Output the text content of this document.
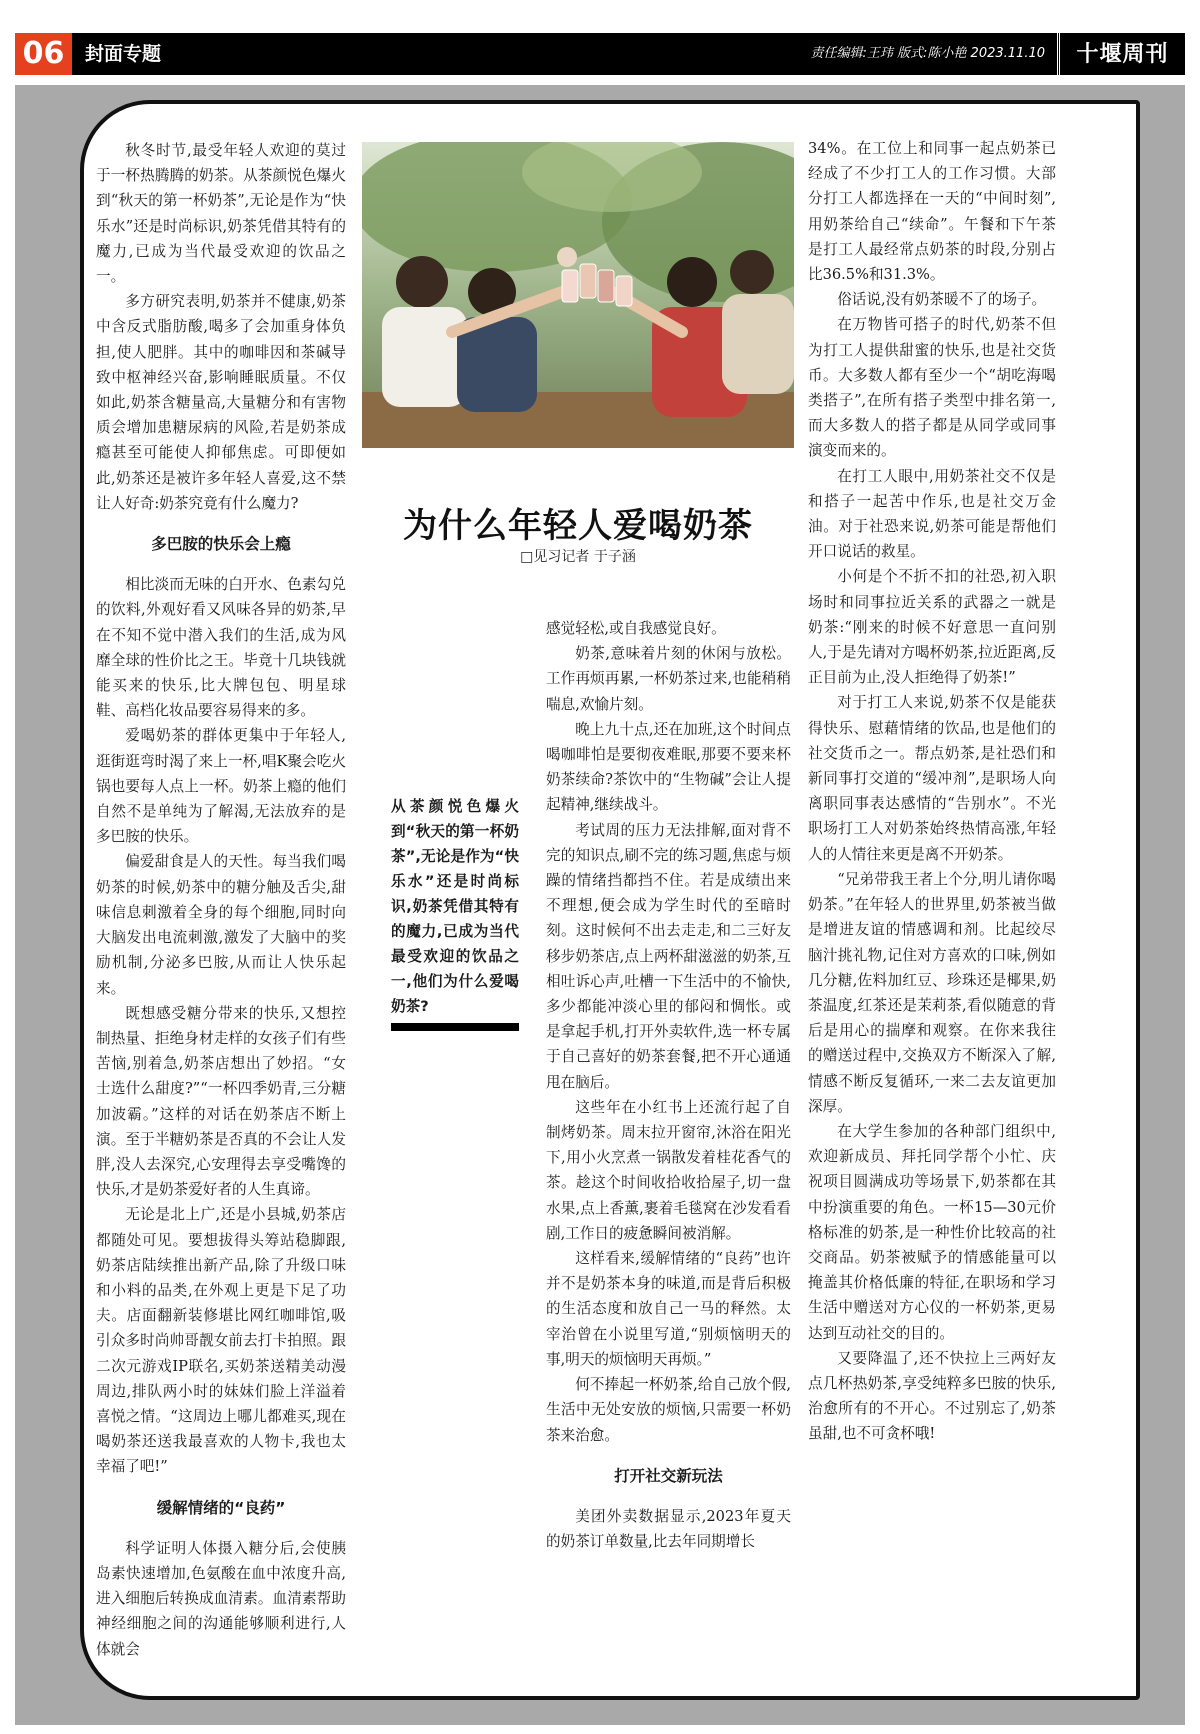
06	封面专题	责任编辑:王玮 版式:陈小艳 2023.11.10	十堰周刊

秋冬时节,最受年轻人欢迎的莫过于一杯热腾腾的奶茶。从茶颜悦色爆火到“秋天的第一杯奶茶”,无论是作为“快乐水”还是时尚标识,奶茶凭借其特有的魔力,已成为当代最受欢迎的饮品之一。

多方研究表明,奶茶并不健康,奶茶中含反式脂肪酸,喝多了会加重身体负担,使人肥胖。其中的咖啡因和茶碱导致中枢神经兴奋,影响睡眠质量。不仅如此,奶茶含糖量高,大量糖分和有害物质会增加患糖尿病的风险,若是奶茶成瘾甚至可能使人抑郁焦虑。可即便如此,奶茶还是被许多年轻人喜爱,这不禁让人好奇:奶茶究竟有什么魔力?

多巴胺的快乐会上瘾

相比淡而无味的白开水、色素勾兑的饮料,外观好看又风味各异的奶茶,早在不知不觉中潜入我们的生活,成为风靡全球的性价比之王。毕竟十几块钱就能买来的快乐,比大牌包包、明星球鞋、高档化妆品要容易得来的多。

爱喝奶茶的群体更集中于年轻人,逛街逛弯时渴了来上一杯,唱K聚会吃火锅也要每人点上一杯。奶茶上瘾的他们自然不是单纯为了解渴,无法放弃的是多巴胺的快乐。

偏爱甜食是人的天性。每当我们喝奶茶的时候,奶茶中的糖分触及舌尖,甜味信息刺激着全身的每个细胞,同时向大脑发出电流刺激,激发了大脑中的奖励机制,分泌多巴胺,从而让人快乐起来。

既想感受糖分带来的快乐,又想控制热量、拒绝身材走样的女孩子们有些苦恼,别着急,奶茶店想出了妙招。“女士选什么甜度?”“一杯四季奶青,三分糖加波霸。”这样的对话在奶茶店不断上演。至于半糖奶茶是否真的不会让人发胖,没人去深究,心安理得去享受嘴馋的快乐,才是奶茶爱好者的人生真谛。

无论是北上广,还是小县城,奶茶店都随处可见。要想拔得头筹站稳脚跟,奶茶店陆续推出新产品,除了升级口味和小料的品类,在外观上更是下足了功夫。店面翻新装修堪比网红咖啡馆,吸引众多时尚帅哥靓女前去打卡拍照。跟二次元游戏IP联名,买奶茶送精美动漫周边,排队两小时的妹妹们脸上洋溢着喜悦之情。“这周边上哪儿都难买,现在喝奶茶还送我最喜欢的人物卡,我也太幸福了吧!”

缓解情绪的“良药”

科学证明人体摄入糖分后,会使胰岛素快速增加,色氨酸在血中浓度升高,进入细胞后转换成血清素。血清素帮助神经细胞之间的沟通能够顺利进行,人体就会

为什么年轻人爱喝奶茶
□见习记者 于子涵
从茶颜悦色爆火到“秋天的第一杯奶茶”,无论是作为“快乐水”还是时尚标识,奶茶凭借其特有的魔力,已成为当代最受欢迎的饮品之一,他们为什么爱喝奶茶?

感觉轻松,或自我感觉良好。

奶茶,意味着片刻的休闲与放松。工作再烦再累,一杯奶茶过来,也能稍稍喘息,欢愉片刻。

晚上九十点,还在加班,这个时间点喝咖啡怕是要彻夜难眠,那要不要来杯奶茶续命?茶饮中的“生物碱”会让人提起精神,继续战斗。

考试周的压力无法排解,面对背不完的知识点,刷不完的练习题,焦虑与烦躁的情绪挡都挡不住。若是成绩出来不理想,便会成为学生时代的至暗时刻。这时候何不出去走走,和二三好友移步奶茶店,点上两杯甜滋滋的奶茶,互相吐诉心声,吐槽一下生活中的不愉快,多少都能冲淡心里的郁闷和惆怅。或是拿起手机,打开外卖软件,选一杯专属于自己喜好的奶茶套餐,把不开心通通甩在脑后。

这些年在小红书上还流行起了自制烤奶茶。周末拉开窗帘,沐浴在阳光下,用小火烹煮一锅散发着桂花香气的茶。趁这个时间收拾收拾屋子,切一盘水果,点上香薰,裹着毛毯窝在沙发看看剧,工作日的疲惫瞬间被消解。

这样看来,缓解情绪的“良药”也许并不是奶茶本身的味道,而是背后积极的生活态度和放自己一马的释然。太宰治曾在小说里写道,“别烦恼明天的事,明天的烦恼明天再烦。”

何不捧起一杯奶茶,给自己放个假,生活中无处安放的烦恼,只需要一杯奶茶来治愈。

打开社交新玩法

美团外卖数据显示,2023年夏天的奶茶订单数量,比去年同期增长

34%。在工位上和同事一起点奶茶已经成了不少打工人的工作习惯。大部分打工人都选择在一天的“中间时刻”,用奶茶给自己“续命”。午餐和下午茶是打工人最经常点奶茶的时段,分别占比36.5%和31.3%。

俗话说,没有奶茶暖不了的场子。

在万物皆可搭子的时代,奶茶不但为打工人提供甜蜜的快乐,也是社交货币。大多数人都有至少一个“胡吃海喝类搭子”,在所有搭子类型中排名第一,而大多数人的搭子都是从同学或同事演变而来的。

在打工人眼中,用奶茶社交不仅是和搭子一起苦中作乐,也是社交万金油。对于社恐来说,奶茶可能是帮他们开口说话的救星。

小何是个不折不扣的社恐,初入职场时和同事拉近关系的武器之一就是奶茶:“刚来的时候不好意思一直问别人,于是先请对方喝杯奶茶,拉近距离,反正目前为止,没人拒绝得了奶茶!”

对于打工人来说,奶茶不仅是能获得快乐、慰藉情绪的饮品,也是他们的社交货币之一。帮点奶茶,是社恐们和新同事打交道的“缓冲剂”,是职场人向离职同事表达感情的“告别水”。不光职场打工人对奶茶始终热情高涨,年轻人的人情往来更是离不开奶茶。

“兄弟带我王者上个分,明儿请你喝奶茶。”在年轻人的世界里,奶茶被当做是增进友谊的情感调和剂。比起绞尽脑汁挑礼物,记住对方喜欢的口味,例如几分糖,佐料加红豆、珍珠还是椰果,奶茶温度,红茶还是茉莉茶,看似随意的背后是用心的揣摩和观察。在你来我往的赠送过程中,交换双方不断深入了解,情感不断反复循环,一来二去友谊更加深厚。

在大学生参加的各种部门组织中,欢迎新成员、拜托同学帮个小忙、庆祝项目圆满成功等场景下,奶茶都在其中扮演重要的角色。一杯15—30元价格标准的奶茶,是一种性价比较高的社交商品。奶茶被赋予的情感能量可以掩盖其价格低廉的特征,在职场和学习生活中赠送对方心仪的一杯奶茶,更易达到互动社交的目的。

又要降温了,还不快拉上三两好友点几杯热奶茶,享受纯粹多巴胺的快乐,治愈所有的不开心。不过别忘了,奶茶虽甜,也不可贪杯哦!
